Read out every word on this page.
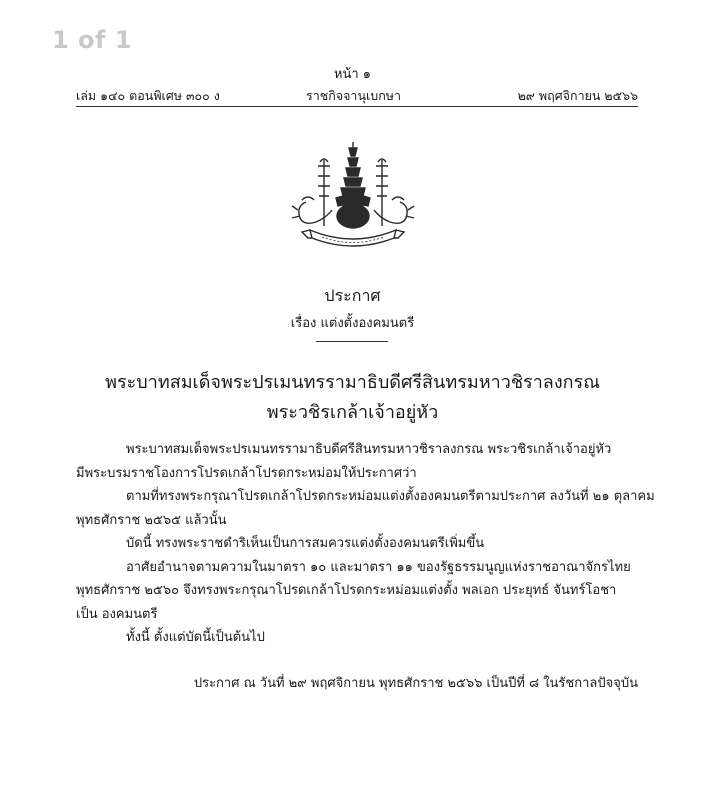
1 of 1
หน้า ๑
เล่ม ๑๔๐ ตอนพิเศษ ๓๐๐ ง	ราชกิจจานุเบกษา	๒๙ พฤศจิกายน ๒๕๖๖
ประกาศ
เรื่อง แต่งตั้งองคมนตรี
พระบาทสมเด็จพระปรเมนทรรามาธิบดีศรีสินทรมหาวชิราลงกรณ
พระวชิรเกล้าเจ้าอยู่หัว
พระบาทสมเด็จพระปรเมนทรรามาธิบดีศรีสินทรมหาวชิราลงกรณ พระวชิรเกล้าเจ้าอยู่หัว
มีพระบรมราชโองการโปรดเกล้าโปรดกระหม่อมให้ประกาศว่า
ตามที่ทรงพระกรุณาโปรดเกล้าโปรดกระหม่อมแต่งตั้งองคมนตรีตามประกาศ ลงวันที่ ๒๑ ตุลาคม
พุทธศักราช ๒๕๖๕ แล้วนั้น
บัดนี้ ทรงพระราชดำริเห็นเป็นการสมควรแต่งตั้งองคมนตรีเพิ่มขึ้น
อาศัยอำนาจตามความในมาตรา ๑๐ และมาตรา ๑๑ ของรัฐธรรมนูญแห่งราชอาณาจักรไทย
พุทธศักราช ๒๕๖๐ จึงทรงพระกรุณาโปรดเกล้าโปรดกระหม่อมแต่งตั้ง พลเอก ประยุทธ์ จันทร์โอชา
เป็น องคมนตรี
ทั้งนี้ ตั้งแต่บัดนี้เป็นต้นไป
ประกาศ ณ วันที่ ๒๙ พฤศจิกายน พุทธศักราช ๒๕๖๖ เป็นปีที่ ๘ ในรัชกาลปัจจุบัน
